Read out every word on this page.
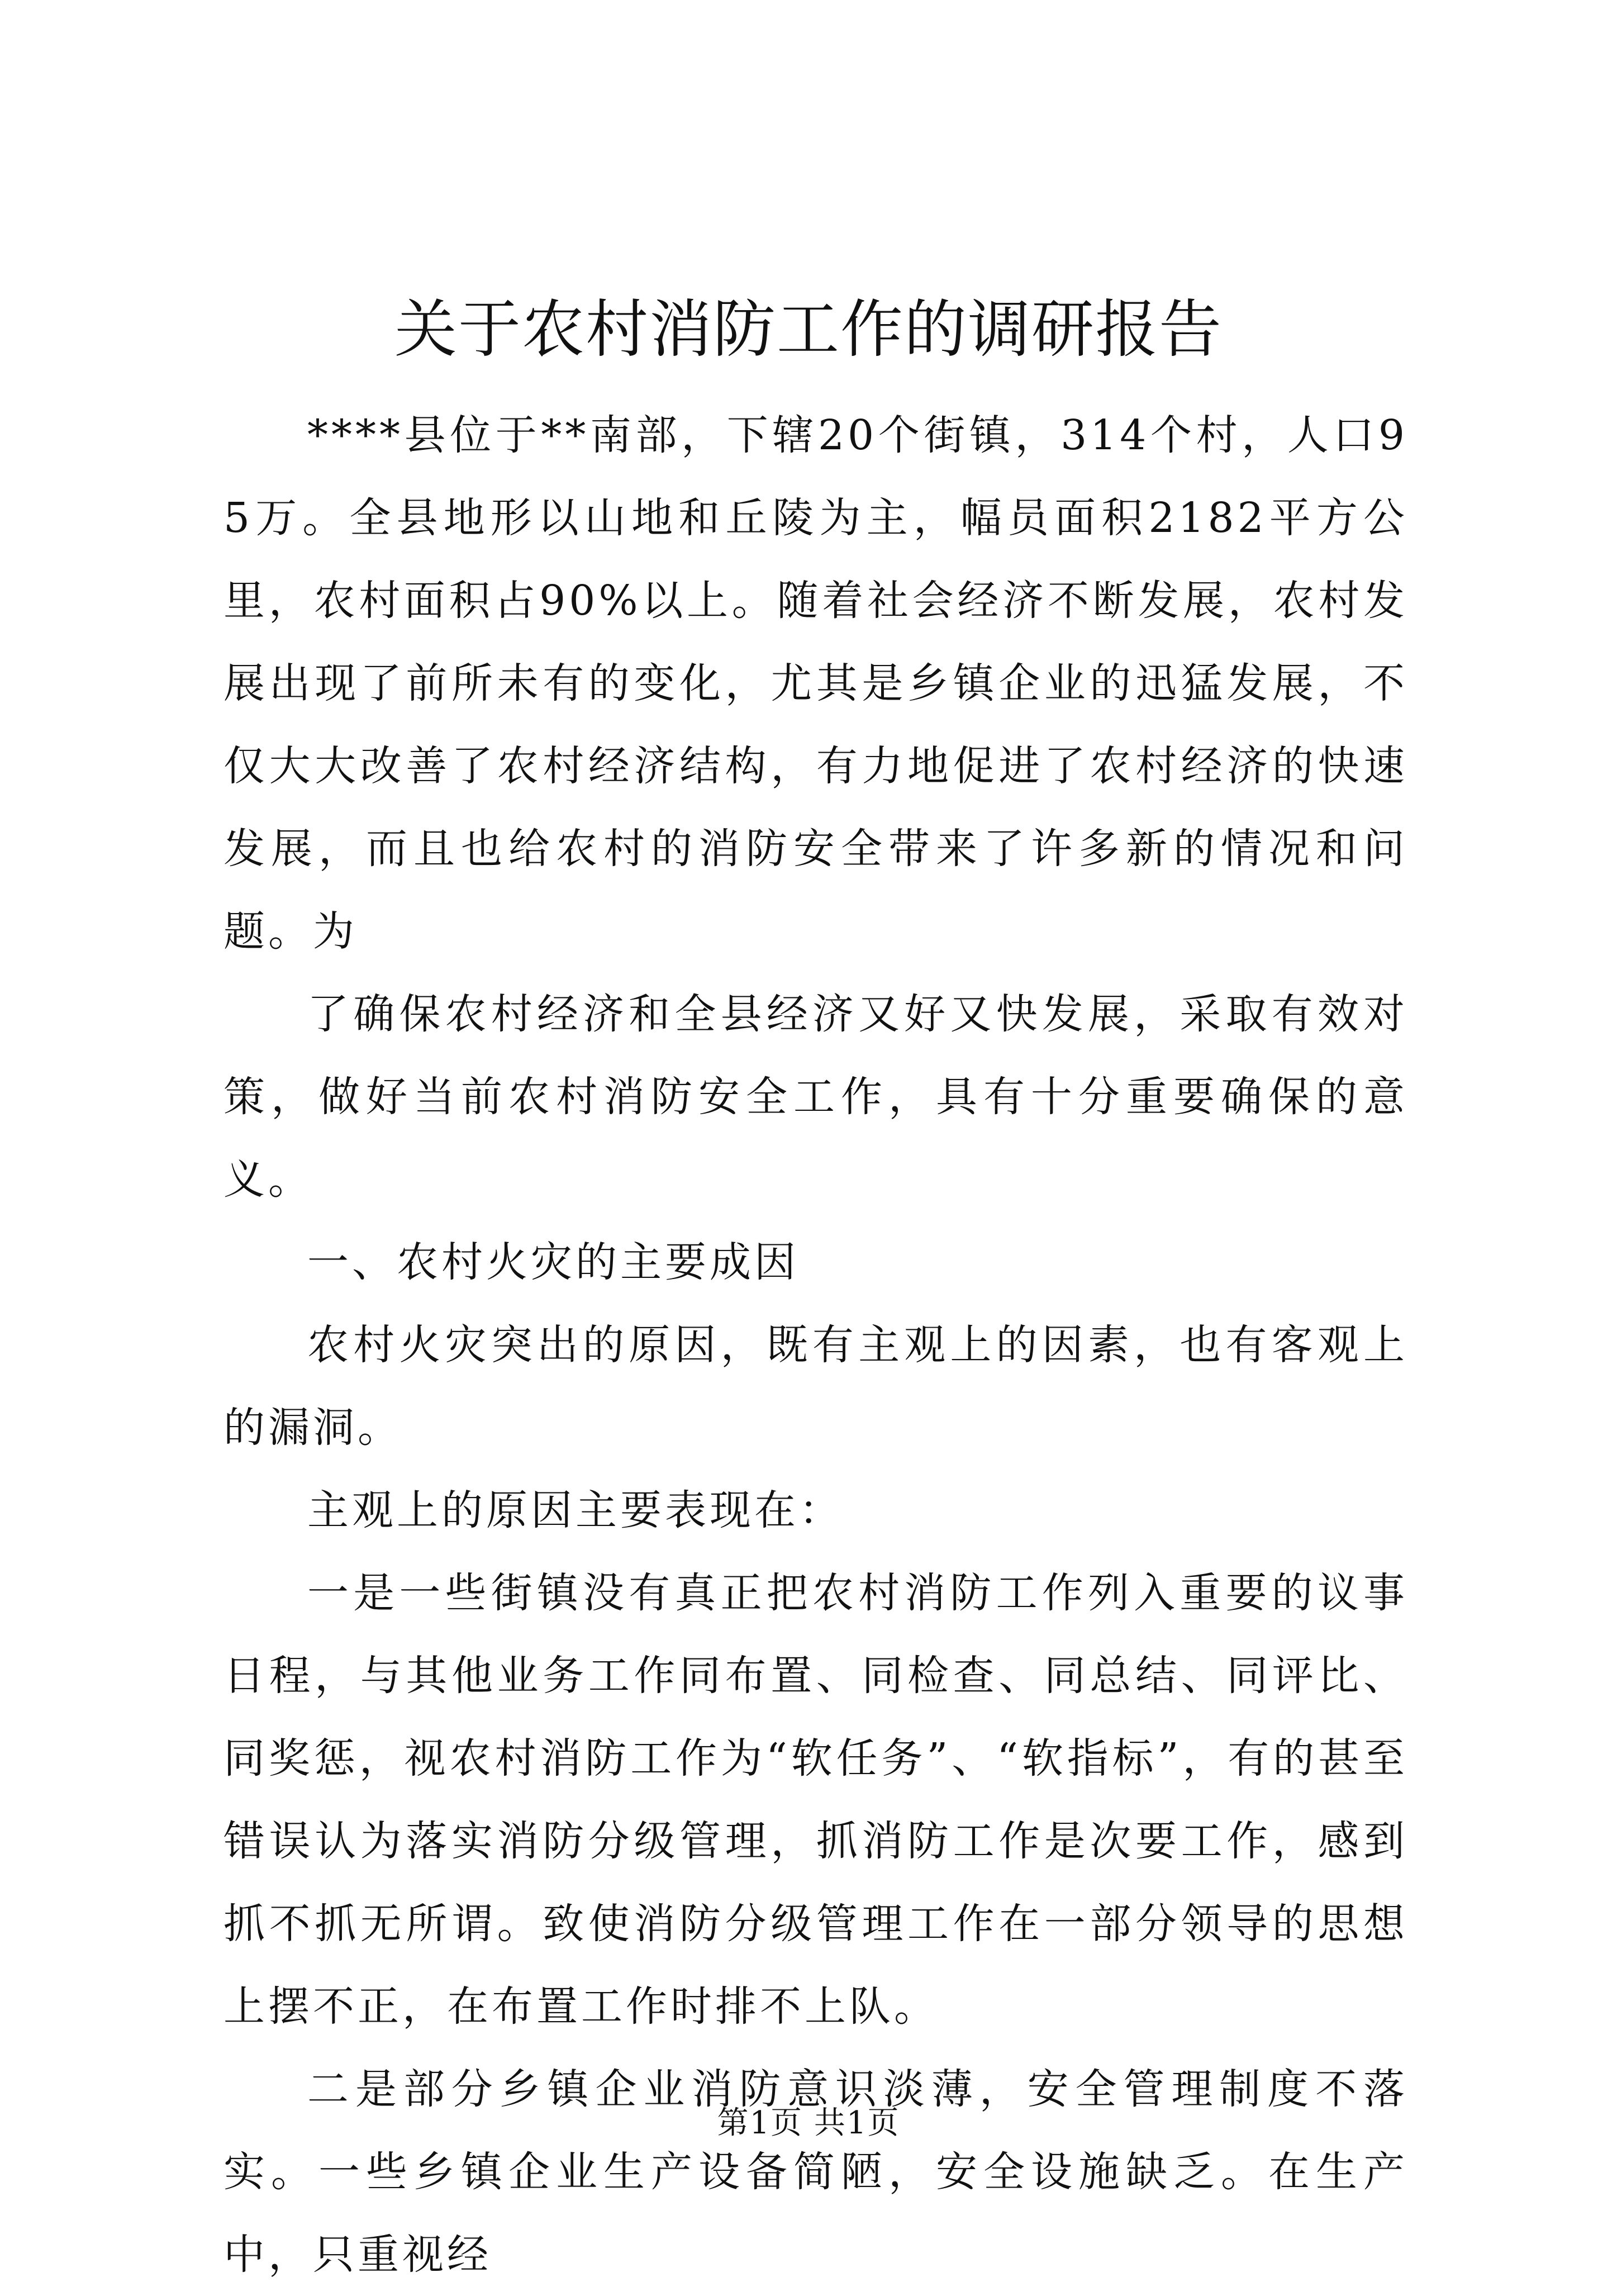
关于农村消防工作的调研报告

****县位于**南部，下辖20个街镇，314个村，人口95万。全县地形以山地和丘陵为主，幅员面积2182平方公里，农村面积占90%以上。随着社会经济不断发展，农村发展出现了前所未有的变化，尤其是乡镇企业的迅猛发展，不仅大大改善了农村经济结构，有力地促进了农村经济的快速发展，而且也给农村的消防安全带来了许多新的情况和问题。为

了确保农村经济和全县经济又好又快发展，采取有效对策，做好当前农村消防安全工作，具有十分重要确保的意义。

一、农村火灾的主要成因

农村火灾突出的原因，既有主观上的因素，也有客观上的漏洞。

主观上的原因主要表现在：

一是一些街镇没有真正把农村消防工作列入重要的议事日程，与其他业务工作同布置、同检查、同总结、同评比、同奖惩，视农村消防工作为“软任务”、“软指标”，有的甚至错误认为落实消防分级管理，抓消防工作是次要工作，感到抓不抓无所谓。致使消防分级管理工作在一部分领导的思想上摆不正，在布置工作时排不上队。

二是部分乡镇企业消防意识淡薄，安全管理制度不落实。一些乡镇企业生产设备简陋，安全设施缺乏。在生产中，只重视经

第1页 共1页
